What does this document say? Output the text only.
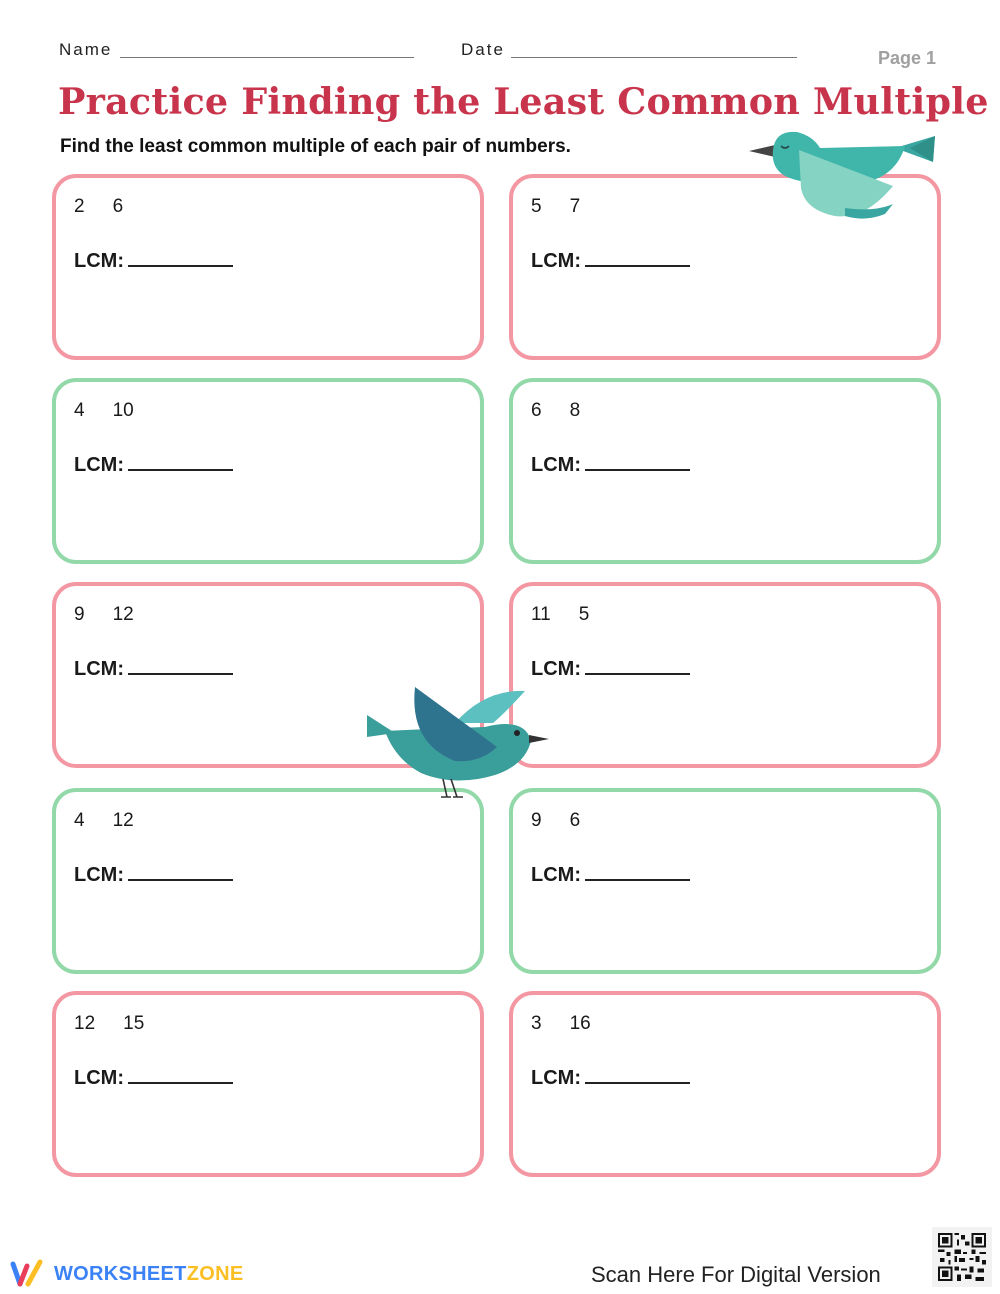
Name	Date	Page 1
Practice Finding the Least Common Multiple
Find the least common multiple of each pair of numbers.
2 6
LCM:
5 7
LCM:
4 10
LCM:
6 8
LCM:
9 12
LCM:
11 5
LCM:
4 12
LCM:
9 6
LCM:
12 15
LCM:
3 16
LCM:
WORKSHEETZONE	Scan Here For Digital Version
